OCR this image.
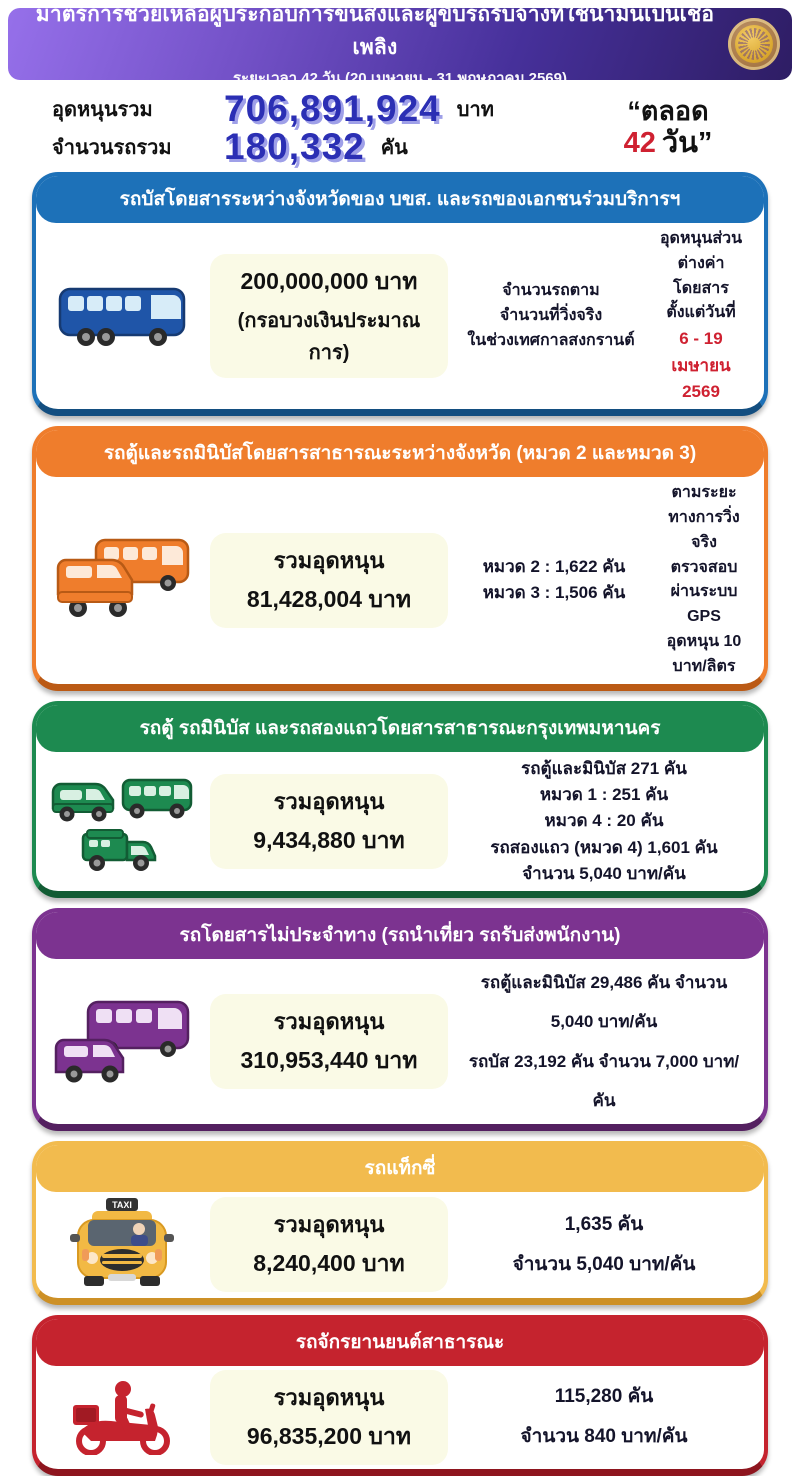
มาตรการช่วยเหลือผู้ประกอบการขนส่งและผู้ขับรถรับจ้างที่ใช้น้ำมันเป็นเชื้อเพลิง
ระยะเวลา 42 วัน (20 เมษายน - 31 พฤษภาคม 2569)
อุดหนุนรวม	706,891,924 บาท
จำนวนรถรวม	180,332 คัน
“ตลอด
42 วัน”
รถบัสโดยสารระหว่างจังหวัดของ บขส. และรถของเอกชนร่วมบริการฯ
200,000,000 บาท
(กรอบวงเงินประมาณการ)
จำนวนรถตาม
จำนวนที่วิ่งจริง
ในช่วงเทศกาลสงกรานต์
อุดหนุนส่วนต่างค่าโดยสาร
ตั้งแต่วันที่
6 - 19 เมษายน 2569
รถตู้และรถมินิบัสโดยสารสาธารณะระหว่างจังหวัด (หมวด 2 และหมวด 3)
รวมอุดหนุน
81,428,004 บาท
หมวด 2 : 1,622 คัน
หมวด 3 : 1,506 คัน
ตามระยะทางการวิ่งจริง
ตรวจสอบผ่านระบบ GPS
อุดหนุน 10 บาท/ลิตร
รถตู้ รถมินิบัส และรถสองแถวโดยสารสาธารณะกรุงเทพมหานคร
รวมอุดหนุน
9,434,880 บาท
รถตู้และมินิบัส 271 คัน
หมวด 1 : 251 คัน
หมวด 4 : 20 คัน
รถสองแถว (หมวด 4) 1,601 คัน
จำนวน 5,040 บาท/คัน
รถโดยสารไม่ประจำทาง (รถนำเที่ยว รถรับส่งพนักงาน)
รวมอุดหนุน
310,953,440 บาท
รถตู้และมินิบัส 29,486 คัน จำนวน 5,040 บาท/คัน
รถบัส 23,192 คัน จำนวน 7,000 บาท/คัน
รถแท็กซี่
TAXI
รวมอุดหนุน
8,240,400 บาท
1,635 คัน
จำนวน 5,040 บาท/คัน
รถจักรยานยนต์สาธารณะ
รวมอุดหนุน
96,835,200 บาท
115,280 คัน
จำนวน 840 บาท/คัน
